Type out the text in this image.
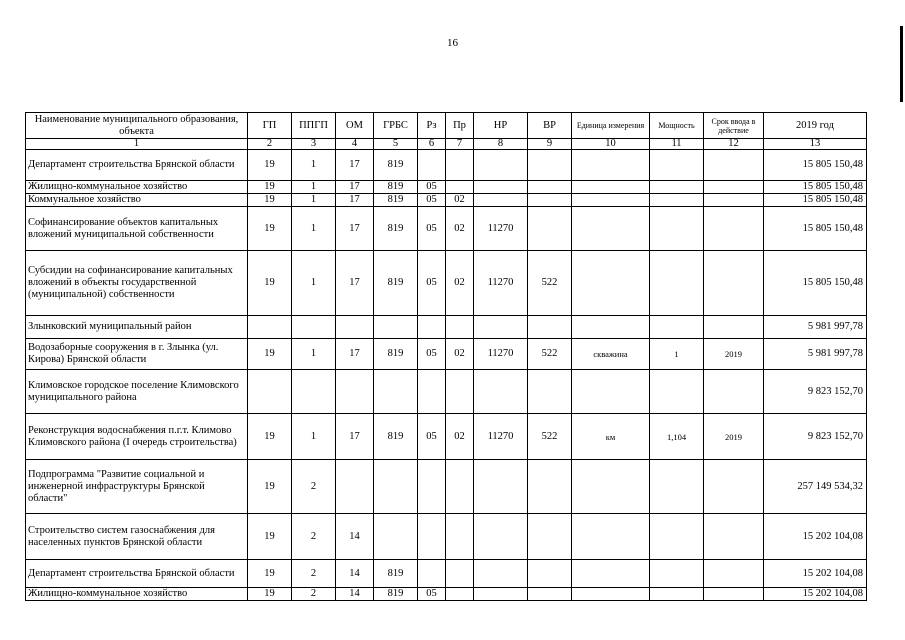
16
Наименование муниципального образования, объекта	ГП	ППГП	ОМ	ГРБС	Рз	Пр	НР	ВР	Единица измерения	Мощность	Срок ввода в действие	2019 год
1	2	3	4	5	6	7	8	9	10	11	12	13
Департамент строительства Брянской области	19	1	17	819								15 805 150,48
Жилищно-коммунальное хозяйство	19	1	17	819	05							15 805 150,48
Коммунальное хозяйство	19	1	17	819	05	02						15 805 150,48
Софинансирование объектов капитальных вложений муниципальной собственности	19	1	17	819	05	02	11270					15 805 150,48
Субсидии на софинансирование капитальных вложений в объекты государственной (муниципальной) собственности	19	1	17	819	05	02	11270	522				15 805 150,48
Злынковский муниципальный район												5 981 997,78
Водозаборные сооружения в г. Злынка (ул. Кирова) Брянской области	19	1	17	819	05	02	11270	522	скважина	1	2019	5 981 997,78
Климовское городское поселение Климовского муниципального района												9 823 152,70
Реконструкция водоснабжения п.г.т. Климово Климовского района (I очередь строительства)	19	1	17	819	05	02	11270	522	км	1,104	2019	9 823 152,70
Подпрограмма "Развитие социальной и инженерной инфраструктуры Брянской области"	19	2										257 149 534,32
Строительство систем газоснабжения для населенных пунктов Брянской области	19	2	14									15 202 104,08
Департамент строительства Брянской области	19	2	14	819								15 202 104,08
Жилищно-коммунальное хозяйство	19	2	14	819	05							15 202 104,08
